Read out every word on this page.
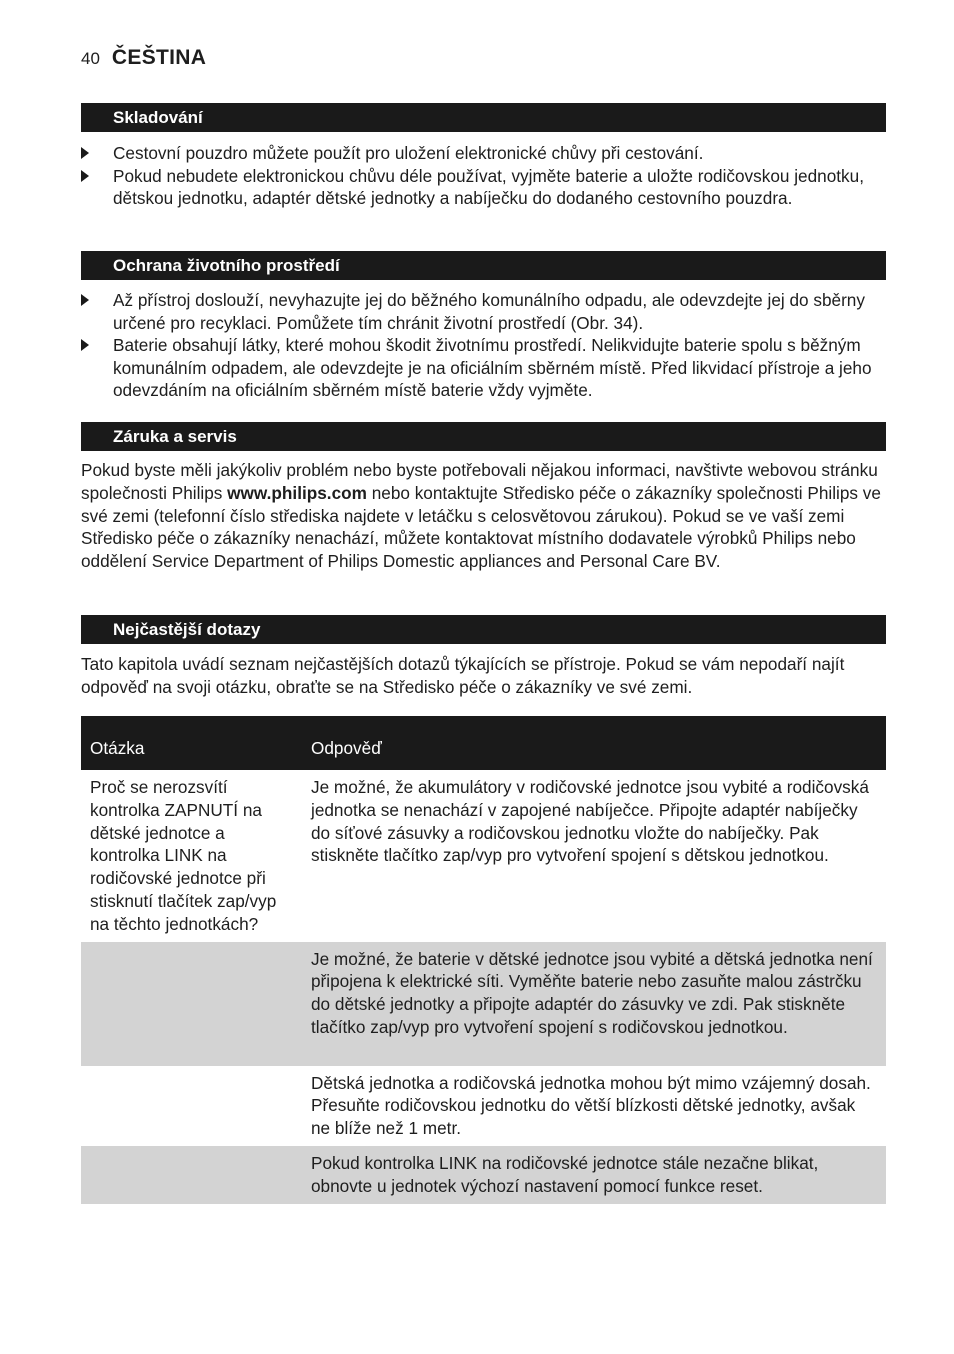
40 ČEŠTINA
Skladování
Cestovní pouzdro můžete použít pro uložení elektronické chůvy při cestování.
Pokud nebudete elektronickou chůvu déle používat, vyjměte baterie a uložte rodičovskou jednotku, dětskou jednotku, adaptér dětské jednotky a nabíječku do dodaného cestovního pouzdra.
Ochrana životního prostředí
Až přístroj doslouží, nevyhazujte jej do běžného komunálního odpadu, ale odevzdejte jej do sběrny určené pro recyklaci. Pomůžete tím chránit životní prostředí (Obr. 34).
Baterie obsahují látky, které mohou škodit životnímu prostředí. Nelikvidujte baterie spolu s běžným komunálním odpadem, ale odevzdejte je na oficiálním sběrném místě. Před likvidací přístroje a jeho odevzdáním na oficiálním sběrném místě baterie vždy vyjměte.
Záruka a servis

Pokud byste měli jakýkoliv problém nebo byste potřebovali nějakou informaci, navštivte webovou stránku společnosti Philips www.philips.com nebo kontaktujte Středisko péče o zákazníky společnosti Philips ve své zemi (telefonní číslo střediska najdete v letáčku s celosvětovou zárukou). Pokud se ve vaší zemi Středisko péče o zákazníky nenachází, můžete kontaktovat místního dodavatele výrobků Philips nebo oddělení Service Department of Philips Domestic appliances and Personal Care BV.

Nejčastější dotazy

Tato kapitola uvádí seznam nejčastějších dotazů týkajících se přístroje. Pokud se vám nepodaří najít odpověď na svoji otázku, obraťte se na Středisko péče o zákazníky ve své zemi.

Otázka	Odpověď
Proč se nerozsvítí kontrolka ZAPNUTÍ na dětské jednotce a kontrolka LINK na rodičovské jednotce při stisknutí tlačítek zap/vyp na těchto jednotkách?	Je možné, že akumulátory v rodičovské jednotce jsou vybité a rodičovská jednotka se nenachází v zapojené nabíječce. Připojte adaptér nabíječky do síťové zásuvky a rodičovskou jednotku vložte do nabíječky. Pak stiskněte tlačítko zap/vyp pro vytvoření spojení s dětskou jednotkou.
	Je možné, že baterie v dětské jednotce jsou vybité a dětská jednotka není připojena k elektrické síti. Vyměňte baterie nebo zasuňte malou zástrčku do dětské jednotky a připojte adaptér do zásuvky ve zdi. Pak stiskněte tlačítko zap/vyp pro vytvoření spojení s rodičovskou jednotkou.
	Dětská jednotka a rodičovská jednotka mohou být mimo vzájemný dosah. Přesuňte rodičovskou jednotku do větší blízkosti dětské jednotky, avšak ne blíže než 1 metr.
	Pokud kontrolka LINK na rodičovské jednotce stále nezačne blikat, obnovte u jednotek výchozí nastavení pomocí funkce reset.
